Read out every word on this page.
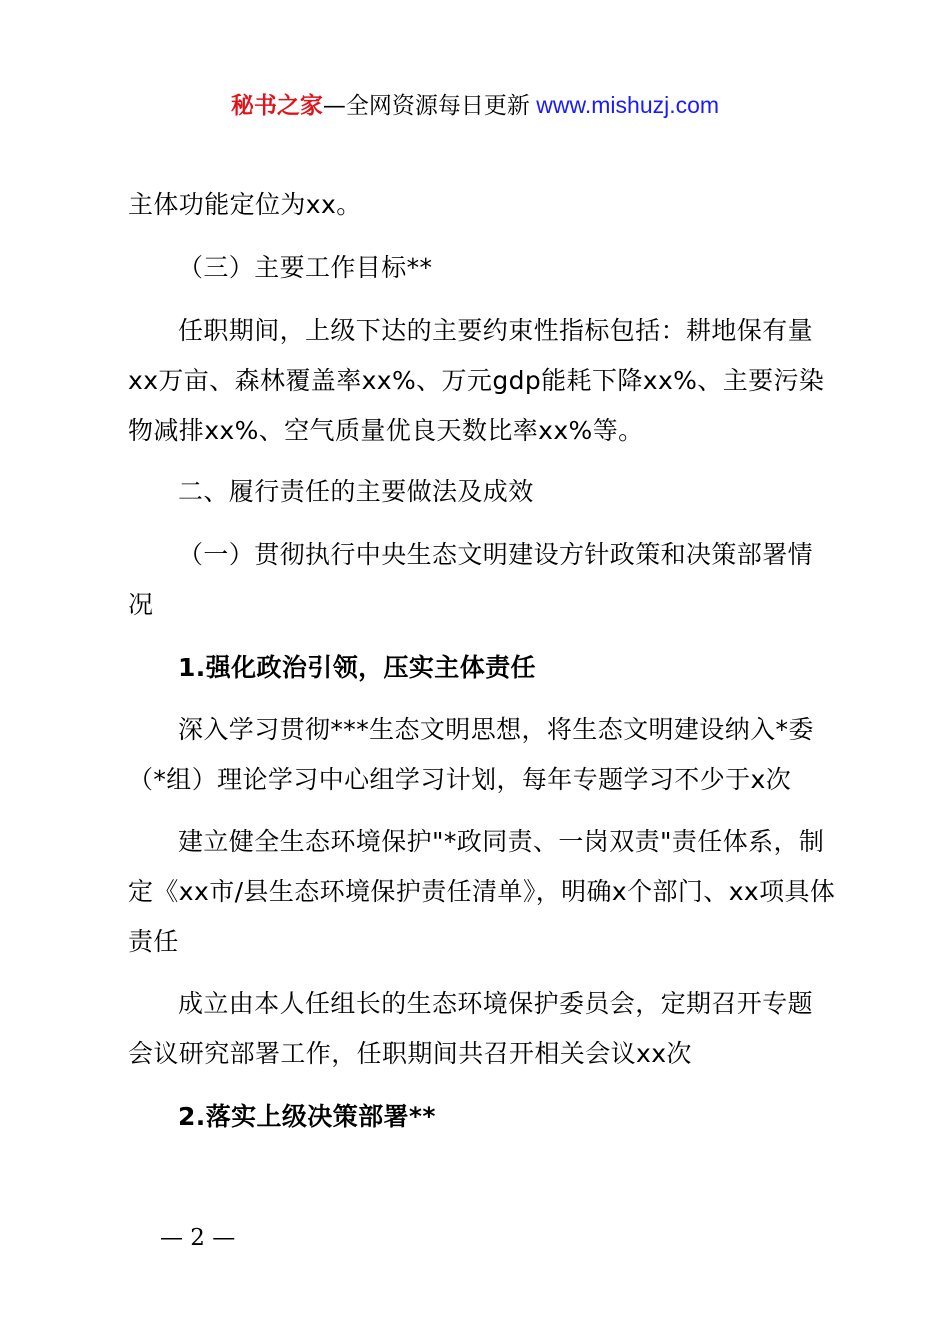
秘书之家—全网资源每日更新 www.mishuzj.com
主体功能定位为xx。
（三）主要工作目标**
任职期间，上级下达的主要约束性指标包括：耕地保有量xx万亩、森林覆盖率xx%、万元gdp能耗下降xx%、主要污染物减排xx%、空气质量优良天数比率xx%等。
二、履行责任的主要做法及成效
（一）贯彻执行中央生态文明建设方针政策和决策部署情况
1.强化政治引领，压实主体责任
深入学习贯彻***生态文明思想，将生态文明建设纳入*委（*组）理论学习中心组学习计划，每年专题学习不少于x次
建立健全生态环境保护"*政同责、一岗双责"责任体系，制定《xx市/县生态环境保护责任清单》，明确x个部门、xx项具体责任
成立由本人任组长的生态环境保护委员会，定期召开专题会议研究部署工作，任职期间共召开相关会议xx次
2.落实上级决策部署**
— 2 —
